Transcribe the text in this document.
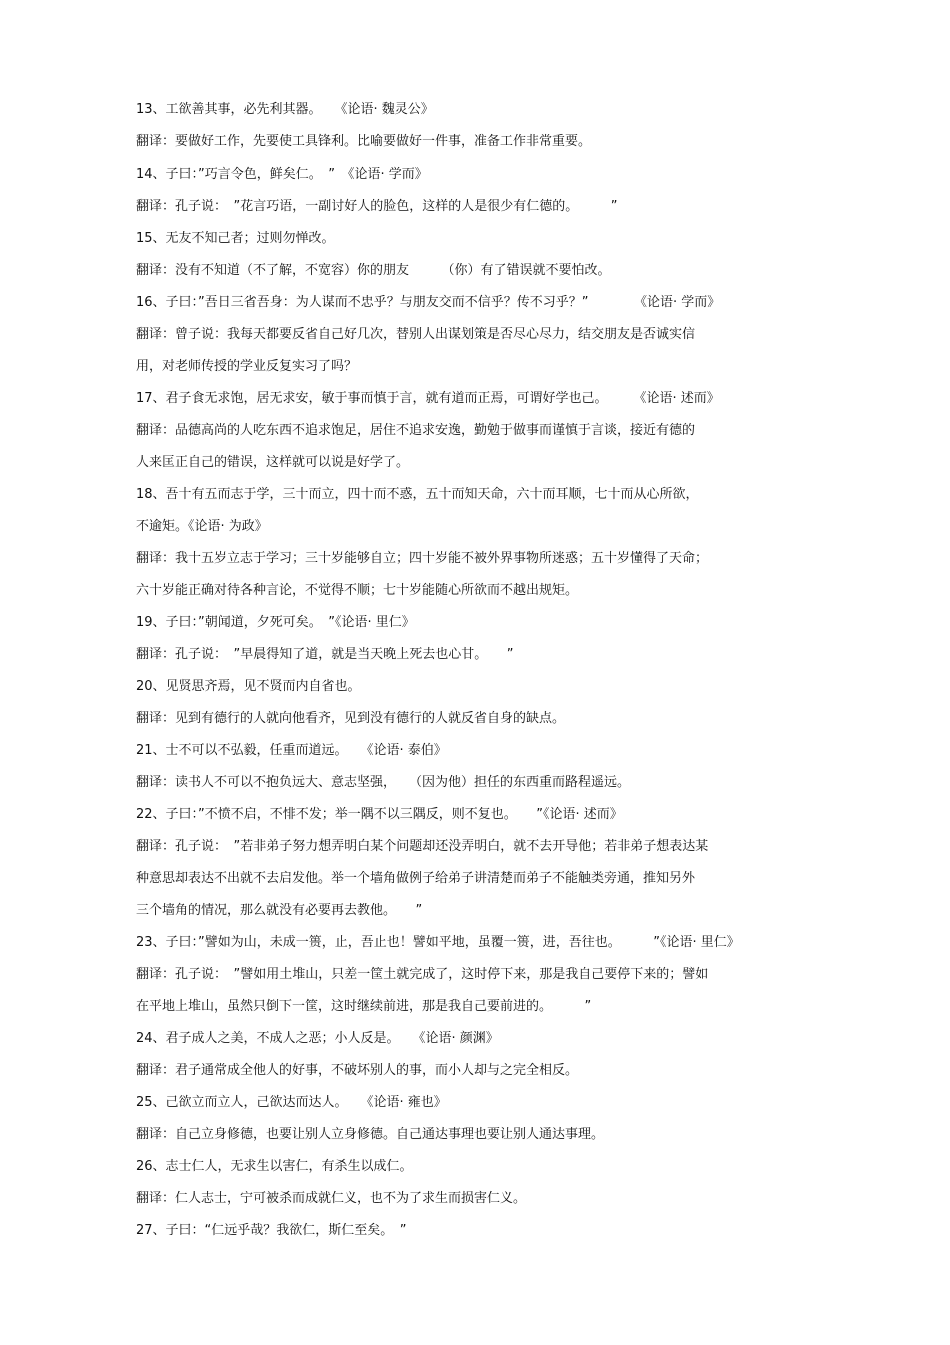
13、工欲善其事，必先利其器。　　《论语· 魏灵公》
翻译：要做好工作，先要使工具锋利。比喻要做好一件事，准备工作非常重要。
14、子曰：”巧言令色，鲜矣仁。　”　《论语· 学而》
翻译：孔子说：　”花言巧语，一副讨好人的脸色，这样的人是很少有仁德的。　　　”
15、无友不知己者；过则勿惮改。
翻译：没有不知道（不了解，不宽容）你的朋友　　　（你）有了错误就不要怕改。
16、子曰：”吾日三省吾身：为人谋而不忠乎？与朋友交而不信乎？传不习乎？”　　　　《论语· 学而》
翻译：曾子说：我每天都要反省自己好几次，替别人出谋划策是否尽心尽力，结交朋友是否诚实信
用，对老师传授的学业反复实习了吗？
17、君子食无求饱，居无求安，敏于事而慎于言，就有道而正焉，可谓好学也己。　　　《论语· 述而》
翻译：品德高尚的人吃东西不追求饱足，居住不追求安逸，勤勉于做事而谨慎于言谈，接近有德的
人来匡正自己的错误，这样就可以说是好学了。
18、吾十有五而志于学，三十而立，四十而不惑，五十而知天命，六十而耳顺，七十而从心所欲，
不逾矩。《论语· 为政》
翻译：我十五岁立志于学习；三十岁能够自立；四十岁能不被外界事物所迷惑；五十岁懂得了天命；
六十岁能正确对待各种言论，不觉得不顺；七十岁能随心所欲而不越出规矩。
19、子曰：”朝闻道，夕死可矣。　”《论语· 里仁》
翻译：孔子说：　”早晨得知了道，就是当天晚上死去也心甘。　　”
20、见贤思齐焉，见不贤而内自省也。
翻译：见到有德行的人就向他看齐，见到没有德行的人就反省自身的缺点。
21、士不可以不弘毅，任重而道远。　　《论语· 泰伯》
翻译：读书人不可以不抱负远大、意志坚强，　　（因为他）担任的东西重而路程遥远。
22、子曰：”不愤不启，不悱不发；举一隅不以三隅反，则不复也。　　”《论语· 述而》
翻译：孔子说：　”若非弟子努力想弄明白某个问题却还没弄明白，就不去开导他；若非弟子想表达某
种意思却表达不出就不去启发他。举一个墙角做例子给弟子讲清楚而弟子不能触类旁通，推知另外
三个墙角的情况，那么就没有必要再去教他。　　”
23、子曰：”譬如为山，未成一篑，止，吾止也！譬如平地，虽覆一篑，进，吾往也。　　　”《论语· 里仁》
翻译：孔子说：　”譬如用土堆山，只差一筐土就完成了，这时停下来，那是我自己要停下来的；譬如
在平地上堆山，虽然只倒下一筐，这时继续前进，那是我自己要前进的。　　　”
24、君子成人之美，不成人之恶；小人反是。　　《论语· 颜渊》
翻译：君子通常成全他人的好事，不破坏别人的事，而小人却与之完全相反。
25、己欲立而立人，己欲达而达人。　　《论语· 雍也》
翻译：自己立身修德，也要让别人立身修德。自己通达事理也要让别人通达事理。
26、志士仁人，无求生以害仁，有杀生以成仁。
翻译：仁人志士，宁可被杀而成就仁义，也不为了求生而损害仁义。
27、子曰：“仁远乎哉？我欲仁，斯仁至矣。　”
